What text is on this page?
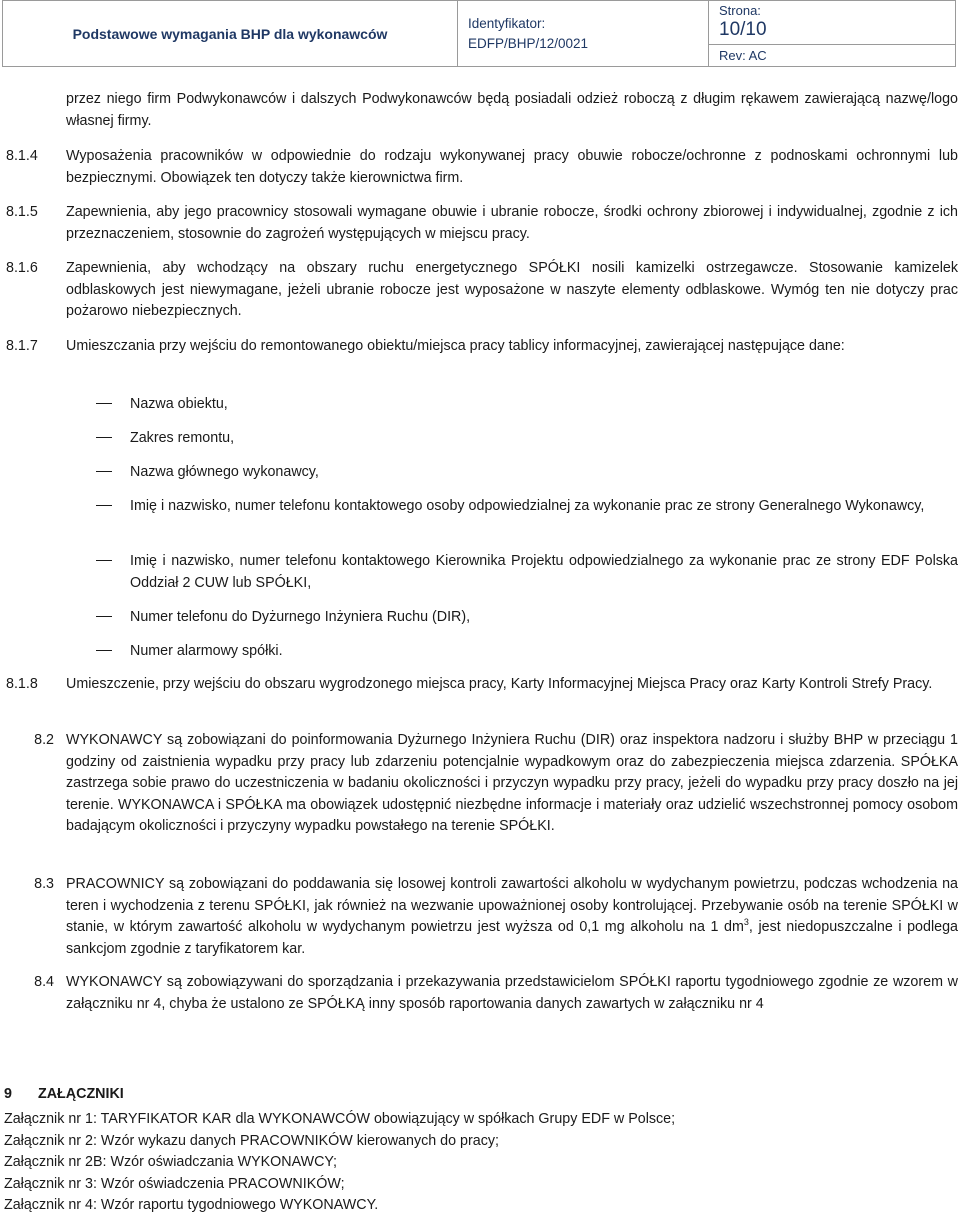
Podstawowe wymagania BHP dla wykonawców
Identyfikator:
EDFP/BHP/12/0021
Strona:
10/10
Rev: AC
przez niego firm Podwykonawców i dalszych Podwykonawców będą posiadali odzież roboczą z długim rękawem zawierającą nazwę/logo własnej firmy.
8.1.4	Wyposażenia pracowników w odpowiednie do rodzaju wykonywanej pracy obuwie robocze/ochronne z podnoskami ochronnymi lub bezpiecznymi. Obowiązek ten dotyczy także kierownictwa firm.
8.1.5	Zapewnienia, aby jego pracownicy stosowali wymagane obuwie i ubranie robocze, środki ochrony zbiorowej i indywidualnej, zgodnie z ich przeznaczeniem, stosownie do zagrożeń występujących w miejscu pracy.
8.1.6	Zapewnienia, aby wchodzący na obszary ruchu energetycznego SPÓŁKI nosili kamizelki ostrzegawcze. Stosowanie kamizelek odblaskowych jest niewymagane, jeżeli ubranie robocze jest wyposażone w naszyte elementy odblaskowe. Wymóg ten nie dotyczy prac pożarowo niebezpiecznych.
8.1.7	Umieszczania przy wejściu do remontowanego obiektu/miejsca pracy tablicy informacyjnej, zawierającej następujące dane:
Nazwa obiektu,
Zakres remontu,
Nazwa głównego wykonawcy,
Imię i nazwisko, numer telefonu kontaktowego osoby odpowiedzialnej za wykonanie prac ze strony Generalnego Wykonawcy,
Imię i nazwisko, numer telefonu kontaktowego Kierownika Projektu odpowiedzialnego za wykonanie prac ze strony EDF Polska Oddział 2 CUW lub SPÓŁKI,
Numer telefonu do Dyżurnego Inżyniera Ruchu (DIR),
Numer alarmowy spółki.
8.1.8	Umieszczenie, przy wejściu do obszaru wygrodzonego miejsca pracy, Karty Informacyjnej Miejsca Pracy oraz Karty Kontroli Strefy Pracy.
8.2 WYKONAWCY są zobowiązani do poinformowania Dyżurnego Inżyniera Ruchu (DIR) oraz inspektora nadzoru i służby BHP w przeciągu 1 godziny od zaistnienia wypadku przy pracy lub zdarzeniu potencjalnie wypadkowym oraz do zabezpieczenia miejsca zdarzenia. SPÓŁKA zastrzega sobie prawo do uczestniczenia w badaniu okoliczności i przyczyn wypadku przy pracy, jeżeli do wypadku przy pracy doszło na jej terenie. WYKONAWCA i SPÓŁKA ma obowiązek udostępnić niezbędne informacje i materiały oraz udzielić wszechstronnej pomocy osobom badającym okoliczności i przyczyny wypadku powstałego na terenie SPÓŁKI.
8.3 PRACOWNICY są zobowiązani do poddawania się losowej kontroli zawartości alkoholu w wydychanym powietrzu, podczas wchodzenia na teren i wychodzenia z terenu SPÓŁKI, jak również na wezwanie upoważnionej osoby kontrolującej. Przebywanie osób na terenie SPÓŁKI w stanie, w którym zawartość alkoholu w wydychanym powietrzu jest wyższa od 0,1 mg alkoholu na 1 $dm^3$, jest niedopuszczalne i podlega sankcjom zgodnie z taryfikatorem kar.
8.4 WYKONAWCY są zobowiązywani do sporządzania i przekazywania przedstawicielom SPÓŁKI raportu tygodniowego zgodnie ze wzorem w załączniku nr 4, chyba że ustalono ze SPÓŁKĄ inny sposób raportowania danych zawartych w załączniku nr 4
9 ZAŁĄCZNIKI
Załącznik nr 1: TARYFIKATOR KAR dla WYKONAWCÓW obowiązujący w spółkach Grupy EDF w Polsce;
Załącznik nr 2: Wzór wykazu danych PRACOWNIKÓW kierowanych do pracy;
Załącznik nr 2B: Wzór oświadczania WYKONAWCY;
Załącznik nr 3: Wzór oświadczenia PRACOWNIKÓW;
Załącznik nr 4: Wzór raportu tygodniowego WYKONAWCY.
